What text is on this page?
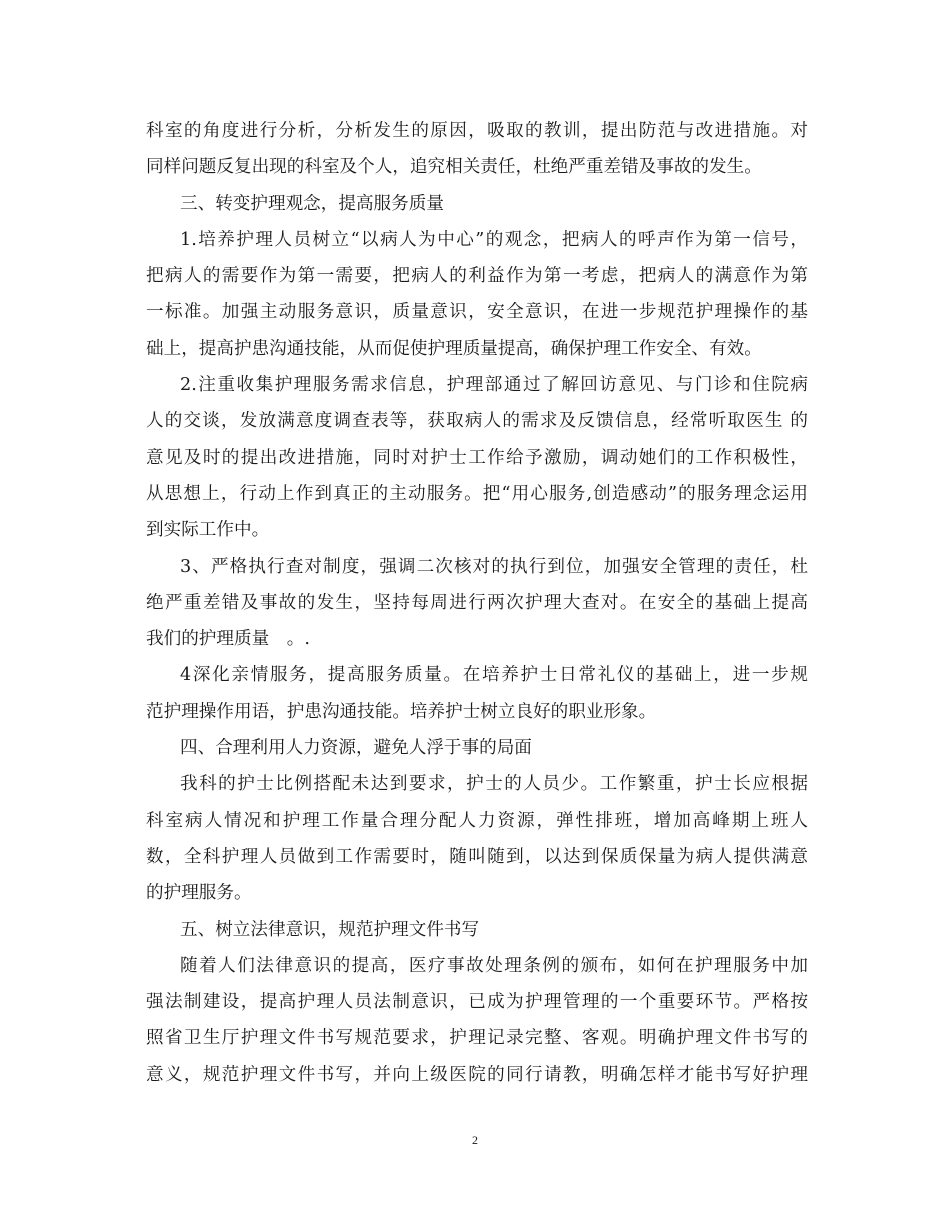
科室的角度进行分析，分析发生的原因，吸取的教训，提出防范与改进措施。对
同样问题反复出现的科室及个人，追究相关责任，杜绝严重差错及事故的发生。
三、转变护理观念，提高服务质量
1.培养护理人员树立“以病人为中心”的观念，把病人的呼声作为第一信号，
把病人的需要作为第一需要，把病人的利益作为第一考虑，把病人的满意作为第
一标准。加强主动服务意识，质量意识，安全意识，在进一步规范护理操作的基
础上，提高护患沟通技能，从而促使护理质量提高，确保护理工作安全、有效。
2.注重收集护理服务需求信息，护理部通过了解回访意见、与门诊和住院病
人的交谈，发放满意度调查表等，获取病人的需求及反馈信息，经常听取医生 的
意见及时的提出改进措施，同时对护士工作给予激励，调动她们的工作积极性，
从思想上，行动上作到真正的主动服务。把“用心服务,创造感动”的服务理念运用
到实际工作中。
3、严格执行查对制度，强调二次核对的执行到位，加强安全管理的责任，杜
绝严重差错及事故的发生，坚持每周进行两次护理大查对。在安全的基础上提高
我们的护理质量　。.
4深化亲情服务，提高服务质量。在培养护士日常礼仪的基础上，进一步规
范护理操作用语，护患沟通技能。培养护士树立良好的职业形象。
四、合理利用人力资源，避免人浮于事的局面
我科的护士比例搭配未达到要求，护士的人员少。工作繁重，护士长应根据
科室病人情况和护理工作量合理分配人力资源，弹性排班，增加高峰期上班人
数，全科护理人员做到工作需要时，随叫随到，以达到保质保量为病人提供满意
的护理服务。
五、树立法律意识，规范护理文件书写
随着人们法律意识的提高，医疗事故处理条例的颁布，如何在护理服务中加
强法制建设，提高护理人员法制意识，已成为护理管理的一个重要环节。严格按
照省卫生厅护理文件书写规范要求，护理记录完整、客观。明确护理文件书写的
意义，规范护理文件书写，并向上级医院的同行请教，明确怎样才能书写好护理
2
